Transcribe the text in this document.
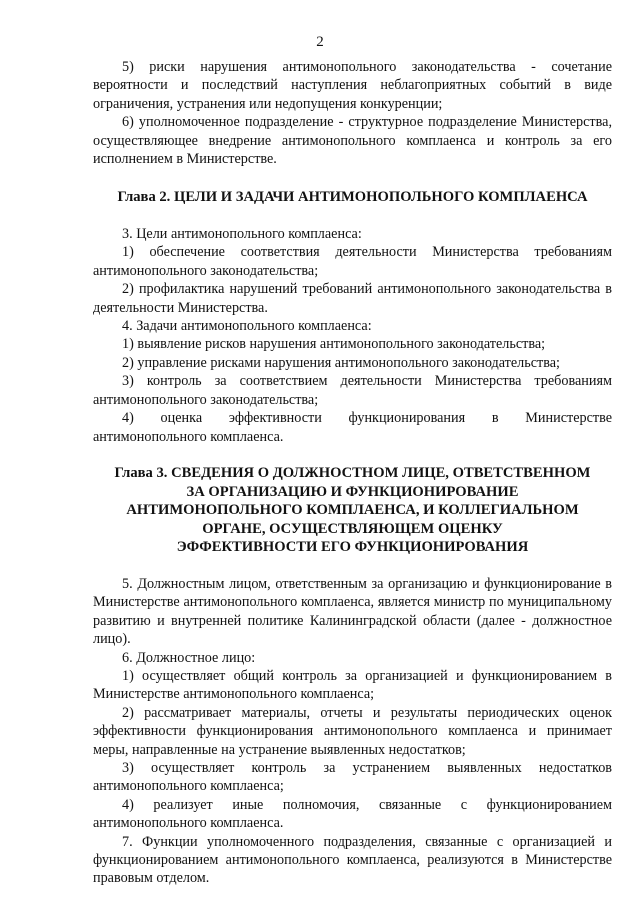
2

5) риски нарушения антимонопольного законодательства - сочетание вероятности и последствий наступления неблагоприятных событий в виде ограничения, устранения или недопущения конкуренции;

6) уполномоченное подразделение - структурное подразделение Министерства, осуществляющее внедрение антимонопольного комплаенса и контроль за его исполнением в Министерстве.

Глава 2. ЦЕЛИ И ЗАДАЧИ АНТИМОНОПОЛЬНОГО КОМПЛАЕНСА

3. Цели антимонопольного комплаенса:

1) обеспечение соответствия деятельности Министерства требованиям антимонопольного законодательства;

2) профилактика нарушений требований антимонопольного законодательства в деятельности Министерства.

4. Задачи антимонопольного комплаенса:

1) выявление рисков нарушения антимонопольного законодательства;

2) управление рисками нарушения антимонопольного законодательства;

3) контроль за соответствием деятельности Министерства требованиям антимонопольного законодательства;

4) оценка эффективности функционирования в Министерстве антимонопольного комплаенса.

Глава 3. СВЕДЕНИЯ О ДОЛЖНОСТНОМ ЛИЦЕ, ОТВЕТСТВЕННОМ
ЗА ОРГАНИЗАЦИЮ И ФУНКЦИОНИРОВАНИЕ
АНТИМОНОПОЛЬНОГО КОМПЛАЕНСА, И КОЛЛЕГИАЛЬНОМ
ОРГАНЕ, ОСУЩЕСТВЛЯЮЩЕМ ОЦЕНКУ
ЭФФЕКТИВНОСТИ ЕГО ФУНКЦИОНИРОВАНИЯ

5. Должностным лицом, ответственным за организацию и функционирование в Министерстве антимонопольного комплаенса, является министр по муниципальному развитию и внутренней политике Калининградской области (далее - должностное лицо).

6. Должностное лицо:

1) осуществляет общий контроль за организацией и функционированием в Министерстве антимонопольного комплаенса;

2) рассматривает материалы, отчеты и результаты периодических оценок эффективности функционирования антимонопольного комплаенса и принимает меры, направленные на устранение выявленных недостатков;

3) осуществляет контроль за устранением выявленных недостатков антимонопольного комплаенса;

4) реализует иные полномочия, связанные с функционированием антимонопольного комплаенса.

7. Функции уполномоченного подразделения, связанные с организацией и функционированием антимонопольного комплаенса, реализуются в Министерстве правовым отделом.
